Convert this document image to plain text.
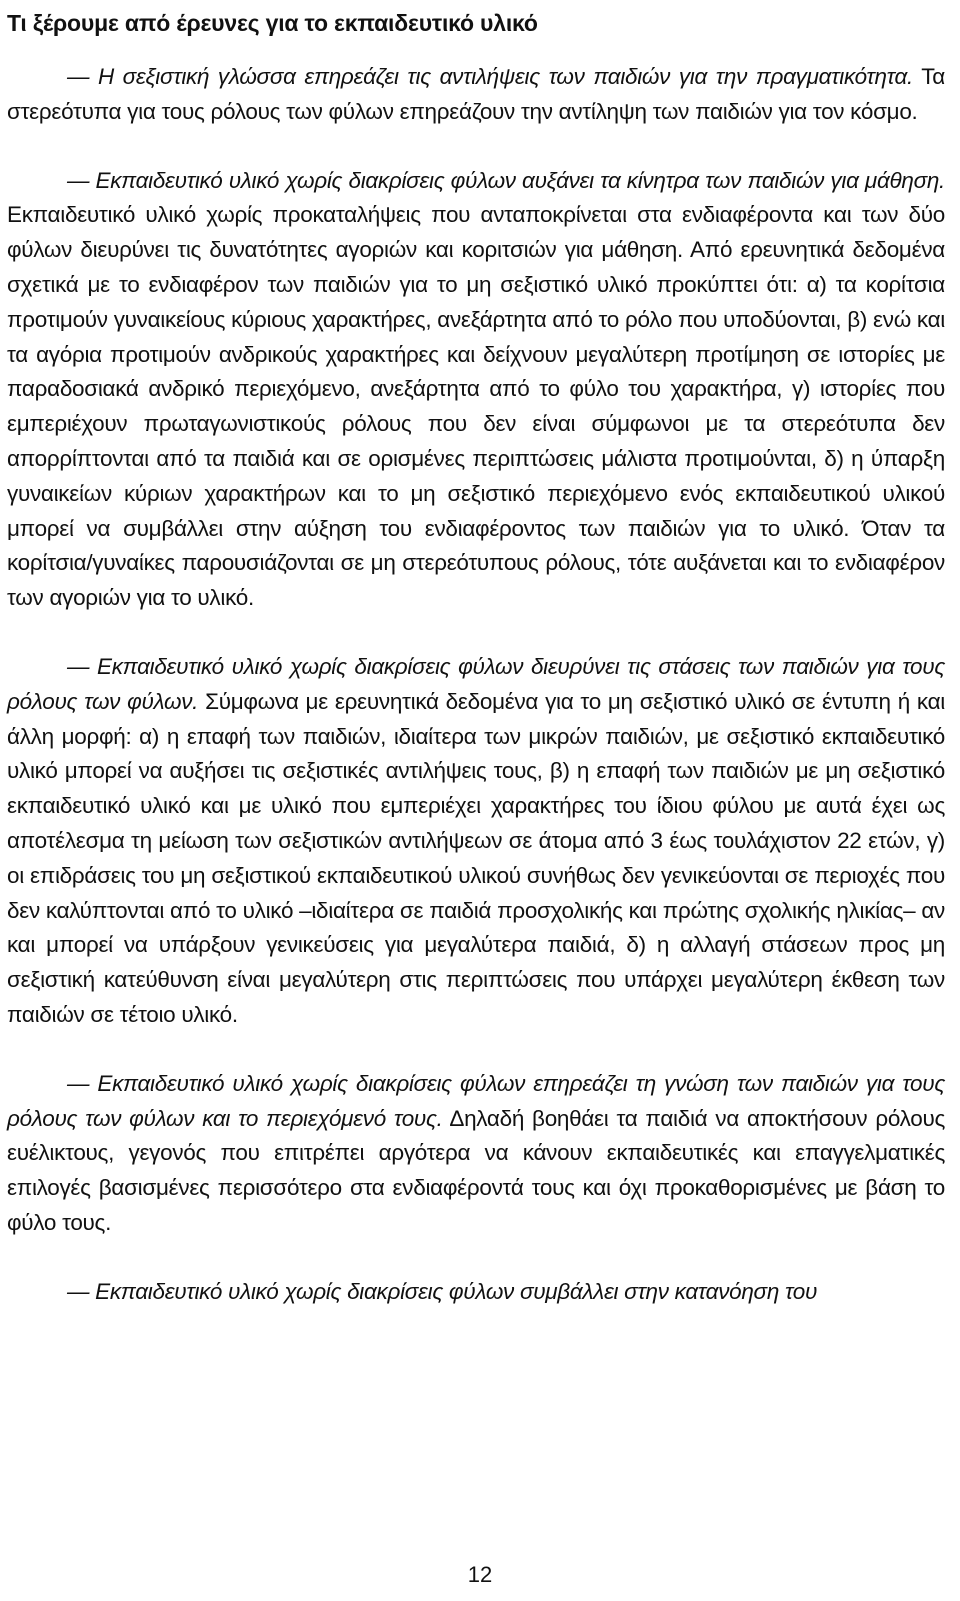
Τι ξέρουμε από έρευνες για το εκπαιδευτικό υλικό

— Η σεξιστική γλώσσα επηρεάζει τις αντιλήψεις των παιδιών για την πραγματικότητα. Τα στερεότυπα για τους ρόλους των φύλων επηρεάζουν την αντίληψη των παιδιών για τον κόσμο.

— Εκπαιδευτικό υλικό χωρίς διακρίσεις φύλων αυξάνει τα κίνητρα των παιδιών για μάθηση. Εκπαιδευτικό υλικό χωρίς προκαταλήψεις που ανταποκρίνεται στα ενδιαφέροντα και των δύο φύλων διευρύνει τις δυνατότητες αγοριών και κοριτσιών για μάθηση. Από ερευνητικά δεδομένα σχετικά με το ενδιαφέρον των παιδιών για το μη σεξιστικό υλικό προκύπτει ότι: α) τα κορίτσια προτιμούν γυναικείους κύριους χαρακτήρες, ανεξάρτητα από το ρόλο που υποδύονται, β) ενώ και τα αγόρια προτιμούν ανδρικούς χαρακτήρες και δείχνουν μεγαλύτερη προτίμηση σε ιστορίες με παραδοσιακά ανδρικό περιεχόμενο, ανεξάρτητα από το φύλο του χαρακτήρα, γ) ιστορίες που εμπεριέχουν πρωταγωνιστικούς ρόλους που δεν είναι σύμφωνοι με τα στερεότυπα δεν απορρίπτονται από τα παιδιά και σε ορισμένες περιπτώσεις μάλιστα προτιμούνται, δ) η ύπαρξη γυναικείων κύριων χαρακτήρων και το μη σεξιστικό περιεχόμενο ενός εκπαιδευτικού υλικού μπορεί να συμβάλλει στην αύξηση του ενδιαφέροντος των παιδιών για το υλικό. Όταν τα κορίτσια/γυναίκες παρουσιάζονται σε μη στερεότυπους ρόλους, τότε αυξάνεται και το ενδιαφέρον των αγοριών για το υλικό.

— Εκπαιδευτικό υλικό χωρίς διακρίσεις φύλων διευρύνει τις στάσεις των παιδιών για τους ρόλους των φύλων. Σύμφωνα με ερευνητικά δεδομένα για το μη σεξιστικό υλικό σε έντυπη ή και άλλη μορφή: α) η επαφή των παιδιών, ιδιαίτερα των μικρών παιδιών, με σεξιστικό εκπαιδευτικό υλικό μπορεί να αυξήσει τις σεξιστικές αντιλήψεις τους, β) η επαφή των παιδιών με μη σεξιστικό εκπαιδευτικό υλικό και με υλικό που εμπεριέχει χαρακτήρες του ίδιου φύλου με αυτά έχει ως αποτέλεσμα τη μείωση των σεξιστικών αντιλήψεων σε άτομα από 3 έως τουλάχιστον 22 ετών, γ) οι επιδράσεις του μη σεξιστικού εκπαιδευτικού υλικού συνήθως δεν γενικεύονται σε περιοχές που δεν καλύπτονται από το υλικό –ιδιαίτερα σε παιδιά προσχολικής και πρώτης σχολικής ηλικίας– αν και μπορεί να υπάρξουν γενικεύσεις για μεγαλύτερα παιδιά, δ) η αλλαγή στάσεων προς μη σεξιστική κατεύθυνση είναι μεγαλύτερη στις περιπτώσεις που υπάρχει μεγαλύτερη έκθεση των παιδιών σε τέτοιο υλικό.

— Εκπαιδευτικό υλικό χωρίς διακρίσεις φύλων επηρεάζει τη γνώση των παιδιών για τους ρόλους των φύλων και το περιεχόμενό τους. Δηλαδή βοηθάει τα παιδιά να αποκτήσουν ρόλους ευέλικτους, γεγονός που επιτρέπει αργότερα να κάνουν εκπαιδευτικές και επαγγελματικές επιλογές βασισμένες περισσότερο στα ενδιαφέροντά τους και όχι προκαθορισμένες με βάση το φύλο τους.

— Εκπαιδευτικό υλικό χωρίς διακρίσεις φύλων συμβάλλει στην κατανόηση του

12
